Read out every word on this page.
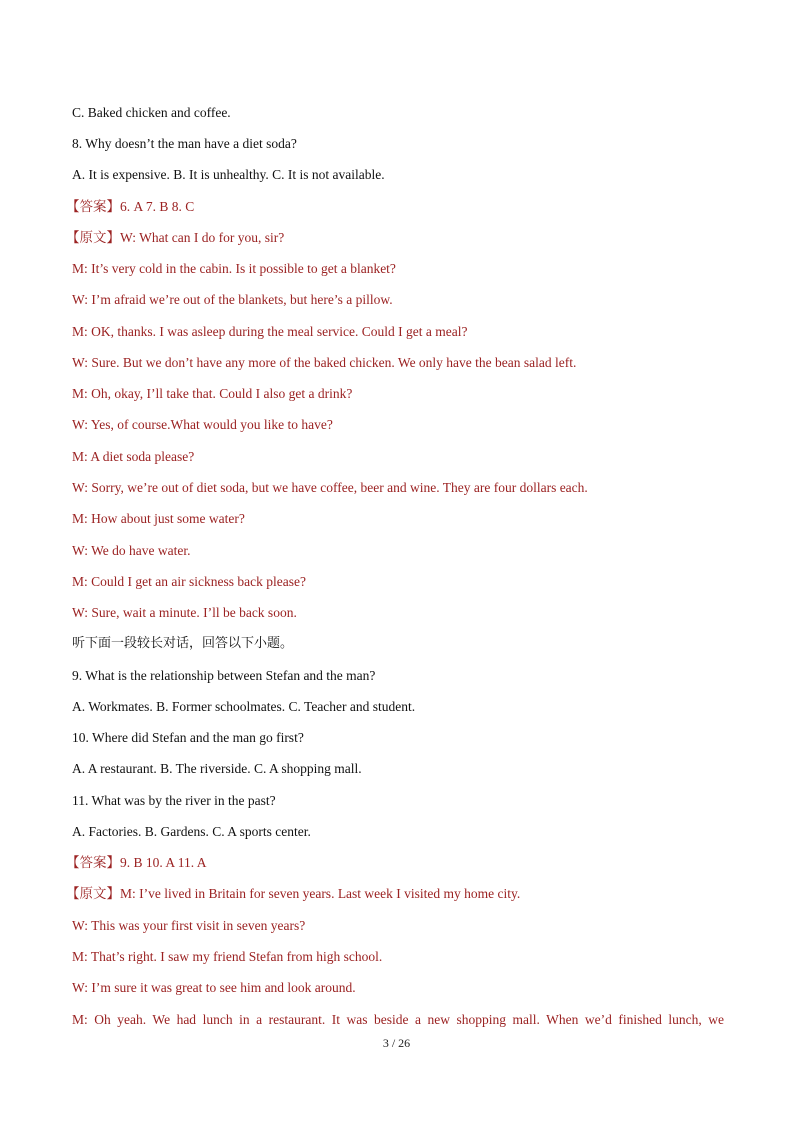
C. Baked chicken and coffee.
8. Why doesn’t the man have a diet soda?
A. It is expensive. B. It is unhealthy. C. It is not available.
【答案】6. A 7. B 8. C
【原文】W: What can I do for you, sir?
M: It’s very cold in the cabin. Is it possible to get a blanket?
W: I’m afraid we’re out of the blankets, but here’s a pillow.
M: OK, thanks. I was asleep during the meal service. Could I get a meal?
W: Sure. But we don’t have any more of the baked chicken. We only have the bean salad left.
M: Oh, okay, I’ll take that. Could I also get a drink?
W: Yes, of course.What would you like to have?
M: A diet soda please?
W: Sorry, we’re out of diet soda, but we have coffee, beer and wine. They are four dollars each.
M: How about just some water?
W: We do have water.
M: Could I get an air sickness back please?
W: Sure, wait a minute. I’ll be back soon.
听下面一段较长对话，回答以下小题。
9. What is the relationship between Stefan and the man?
A. Workmates. B. Former schoolmates. C. Teacher and student.
10. Where did Stefan and the man go first?
A. A restaurant. B. The riverside. C. A shopping mall.
11. What was by the river in the past?
A. Factories. B. Gardens. C. A sports center.
【答案】9. B 10. A 11. A
【原文】M: I’ve lived in Britain for seven years. Last week I visited my home city.
W: This was your first visit in seven years?
M: That’s right. I saw my friend Stefan from high school.
W: I’m sure it was great to see him and look around.
M: Oh yeah. We had lunch in a restaurant. It was beside a new shopping mall. When we’d finished lunch, we
3 / 26
